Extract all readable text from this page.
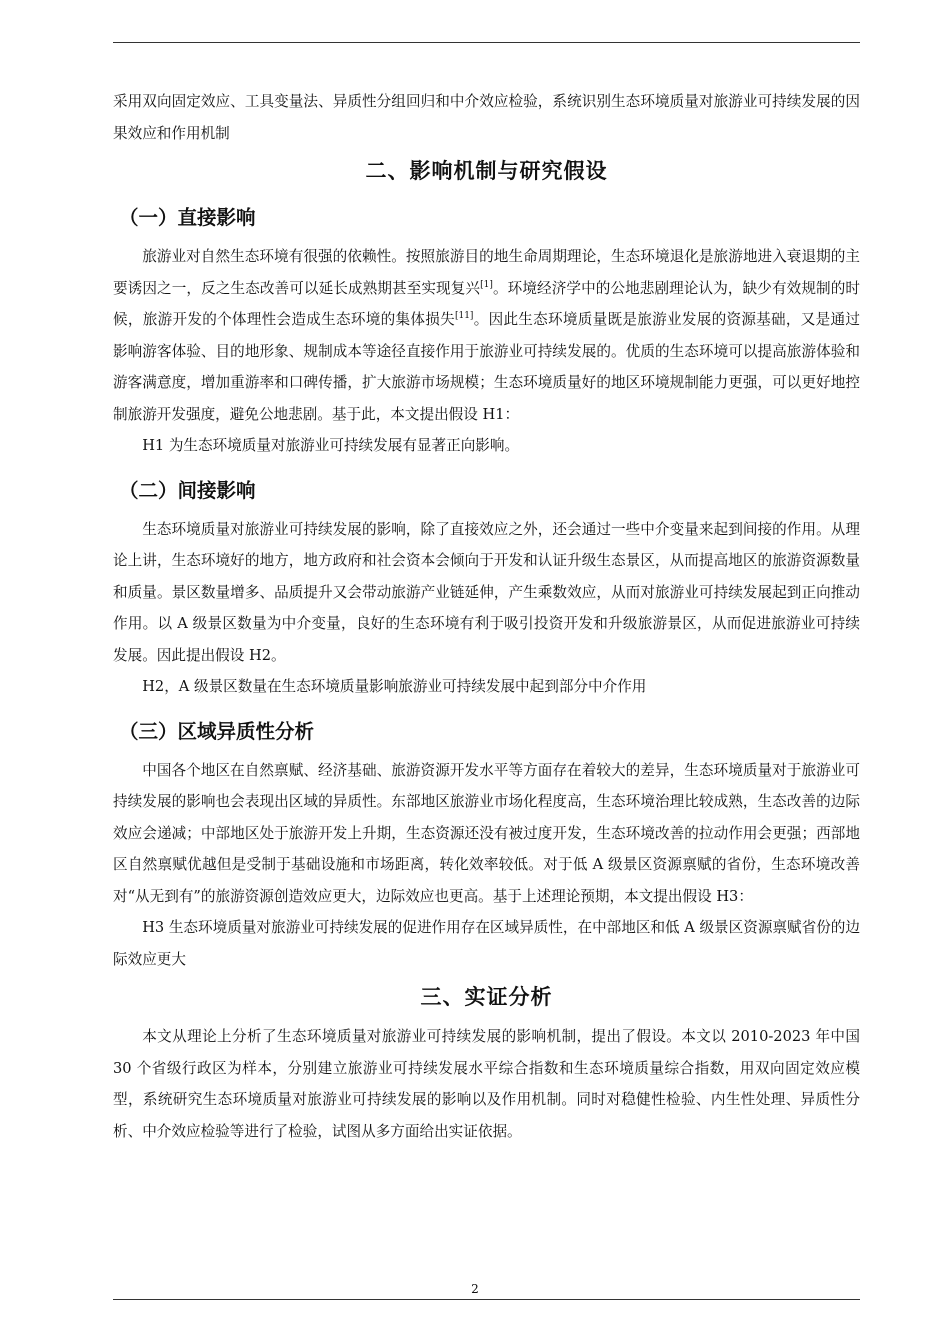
采用双向固定效应、工具变量法、异质性分组回归和中介效应检验，系统识别生态环境质量对旅游业可持续发展的因果效应和作用机制

二、影响机制与研究假设
（一）直接影响

旅游业对自然生态环境有很强的依赖性。按照旅游目的地生命周期理论，生态环境退化是旅游地进入衰退期的主要诱因之一，反之生态改善可以延长成熟期甚至实现复兴[1]。环境经济学中的公地悲剧理论认为，缺少有效规制的时候，旅游开发的个体理性会造成生态环境的集体损失[11]。因此生态环境质量既是旅游业发展的资源基础，又是通过影响游客体验、目的地形象、规制成本等途径直接作用于旅游业可持续发展的。优质的生态环境可以提高旅游体验和游客满意度，增加重游率和口碑传播，扩大旅游市场规模；生态环境质量好的地区环境规制能力更强，可以更好地控制旅游开发强度，避免公地悲剧。基于此，本文提出假设 H1：

H1 为生态环境质量对旅游业可持续发展有显著正向影响。

（二）间接影响

生态环境质量对旅游业可持续发展的影响，除了直接效应之外，还会通过一些中介变量来起到间接的作用。从理论上讲，生态环境好的地方，地方政府和社会资本会倾向于开发和认证升级生态景区，从而提高地区的旅游资源数量和质量。景区数量增多、品质提升又会带动旅游产业链延伸，产生乘数效应，从而对旅游业可持续发展起到正向推动作用。以 A 级景区数量为中介变量，良好的生态环境有利于吸引投资开发和升级旅游景区，从而促进旅游业可持续发展。因此提出假设 H2。

H2，A 级景区数量在生态环境质量影响旅游业可持续发展中起到部分中介作用

（三）区域异质性分析

中国各个地区在自然禀赋、经济基础、旅游资源开发水平等方面存在着较大的差异，生态环境质量对于旅游业可持续发展的影响也会表现出区域的异质性。东部地区旅游业市场化程度高，生态环境治理比较成熟，生态改善的边际效应会递减；中部地区处于旅游开发上升期，生态资源还没有被过度开发，生态环境改善的拉动作用会更强；西部地区自然禀赋优越但是受制于基础设施和市场距离，转化效率较低。对于低 A 级景区资源禀赋的省份，生态环境改善对“从无到有”的旅游资源创造效应更大，边际效应也更高。基于上述理论预期，本文提出假设 H3：

H3 生态环境质量对旅游业可持续发展的促进作用存在区域异质性，在中部地区和低 A 级景区资源禀赋省份的边际效应更大

三、实证分析

本文从理论上分析了生态环境质量对旅游业可持续发展的影响机制，提出了假设。本文以 2010-2023 年中国 30 个省级行政区为样本，分别建立旅游业可持续发展水平综合指数和生态环境质量综合指数，用双向固定效应模型，系统研究生态环境质量对旅游业可持续发展的影响以及作用机制。同时对稳健性检验、内生性处理、异质性分析、中介效应检验等进行了检验，试图从多方面给出实证依据。

2
